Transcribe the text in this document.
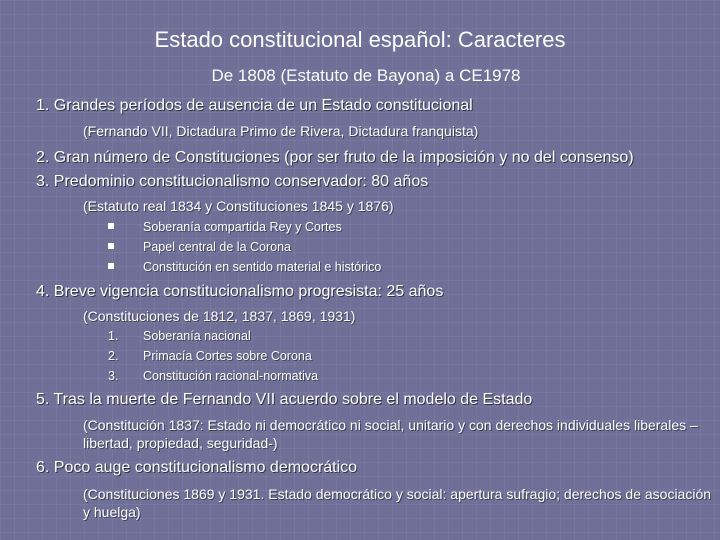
Estado constitucional español: Caracteres
De 1808 (Estatuto de Bayona) a CE1978
1. Grandes períodos de ausencia de un Estado constitucional
(Fernando VII, Dictadura Primo de Rivera, Dictadura franquista)
2. Gran número de Constituciones (por ser fruto de la imposición y no del consenso)
3. Predominio constitucionalismo conservador: 80 años
(Estatuto real 1834 y Constituciones 1845 y 1876)
Soberanía compartida Rey y Cortes
Papel central de la Corona
Constitución en sentido material e histórico
4. Breve vigencia constitucionalismo progresista: 25 años
(Constituciones de 1812, 1837, 1869, 1931)
1. Soberanía nacional
2. Primacía Cortes sobre Corona
3. Constitución racional-normativa
5. Tras la muerte de Fernando VII acuerdo sobre el modelo de Estado
(Constitución 1837: Estado ni democrático ni social, unitario y con derechos individuales liberales –libertad, propiedad, seguridad-)
6. Poco auge constitucionalismo democrático
(Constituciones 1869 y 1931. Estado democrático y social: apertura sufragio; derechos de asociación y huelga)
